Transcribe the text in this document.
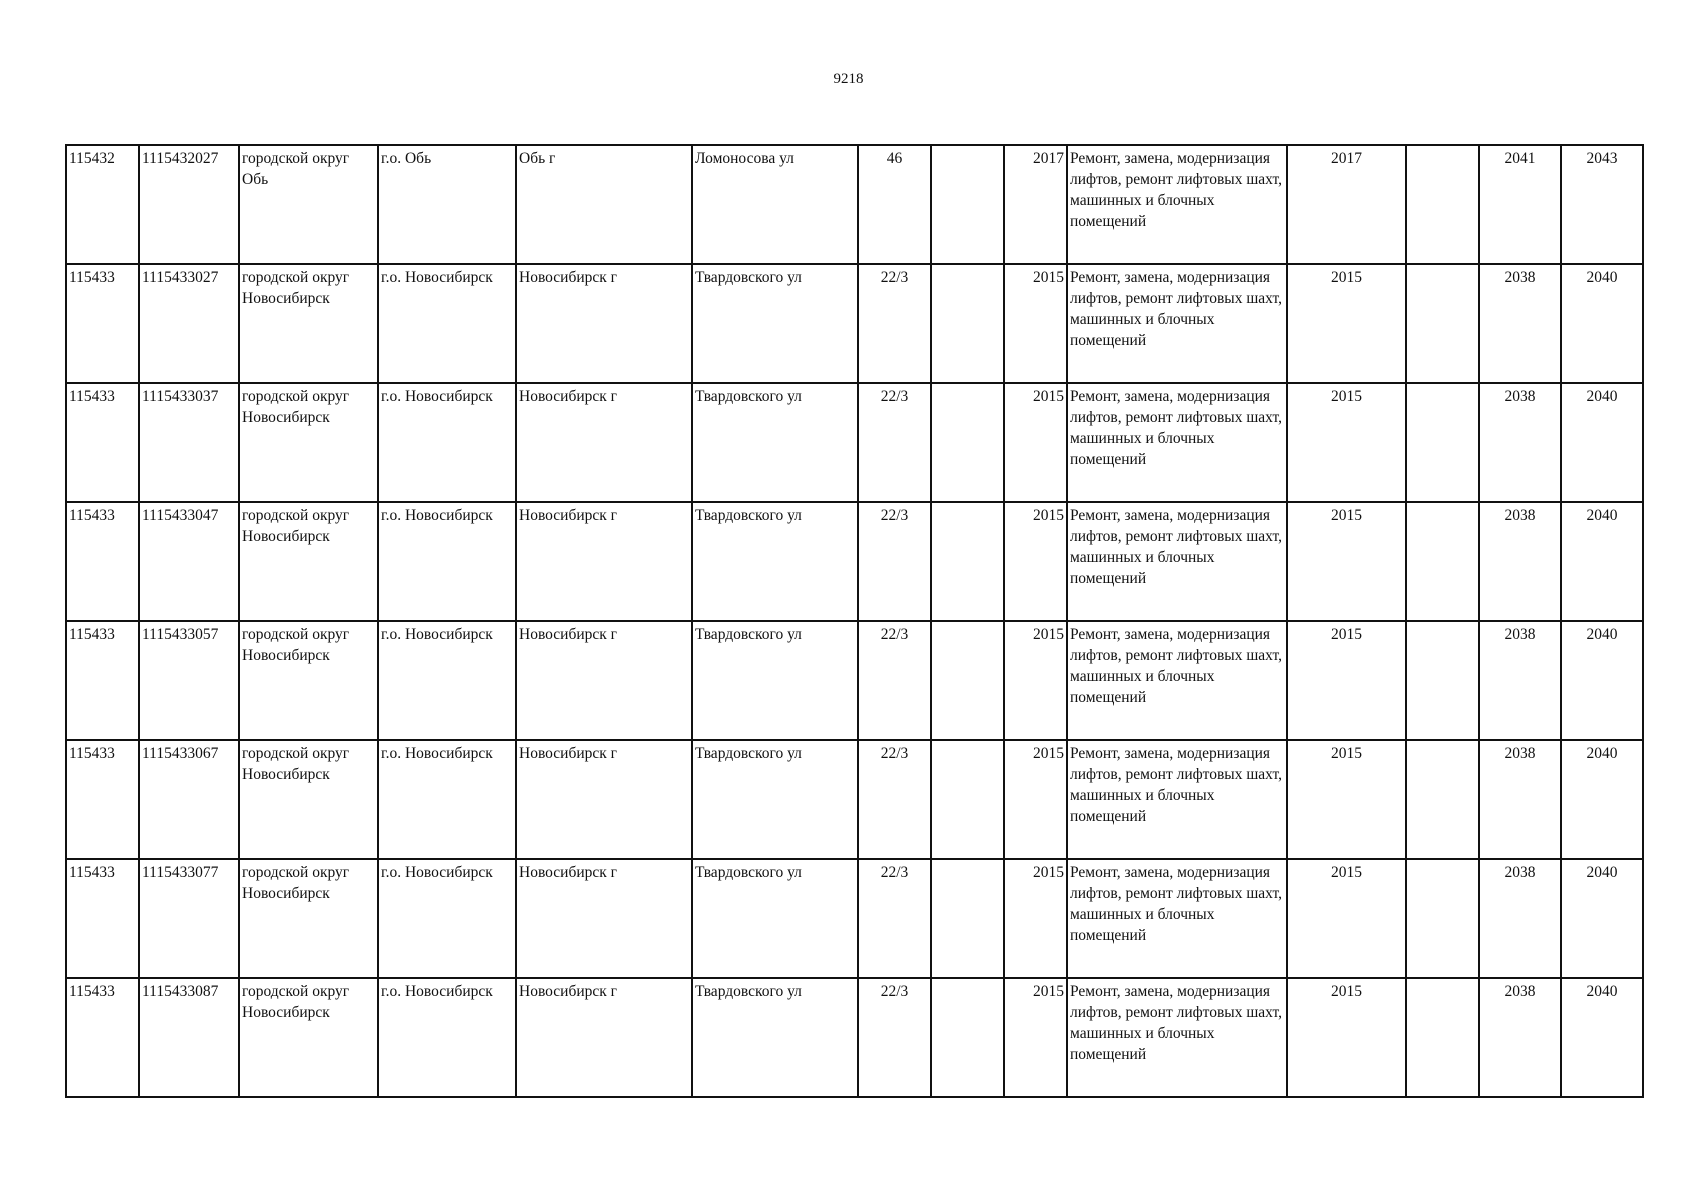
9218
115432	1115432027	городской округ Обь	г.о. Обь	Обь г	Ломоносова ул	46		2017	Ремонт, замена, модернизация лифтов, ремонт лифтовых шахт, машинных и блочных помещений	2017		2041	2043
115433	1115433027	городской округ Новосибирск	г.о. Новосибирск	Новосибирск г	Твардовского ул	22/3		2015	Ремонт, замена, модернизация лифтов, ремонт лифтовых шахт, машинных и блочных помещений	2015		2038	2040
115433	1115433037	городской округ Новосибирск	г.о. Новосибирск	Новосибирск г	Твардовского ул	22/3		2015	Ремонт, замена, модернизация лифтов, ремонт лифтовых шахт, машинных и блочных помещений	2015		2038	2040
115433	1115433047	городской округ Новосибирск	г.о. Новосибирск	Новосибирск г	Твардовского ул	22/3		2015	Ремонт, замена, модернизация лифтов, ремонт лифтовых шахт, машинных и блочных помещений	2015		2038	2040
115433	1115433057	городской округ Новосибирск	г.о. Новосибирск	Новосибирск г	Твардовского ул	22/3		2015	Ремонт, замена, модернизация лифтов, ремонт лифтовых шахт, машинных и блочных помещений	2015		2038	2040
115433	1115433067	городской округ Новосибирск	г.о. Новосибирск	Новосибирск г	Твардовского ул	22/3		2015	Ремонт, замена, модернизация лифтов, ремонт лифтовых шахт, машинных и блочных помещений	2015		2038	2040
115433	1115433077	городской округ Новосибирск	г.о. Новосибирск	Новосибирск г	Твардовского ул	22/3		2015	Ремонт, замена, модернизация лифтов, ремонт лифтовых шахт, машинных и блочных помещений	2015		2038	2040
115433	1115433087	городской округ Новосибирск	г.о. Новосибирск	Новосибирск г	Твардовского ул	22/3		2015	Ремонт, замена, модернизация лифтов, ремонт лифтовых шахт, машинных и блочных помещений	2015		2038	2040
